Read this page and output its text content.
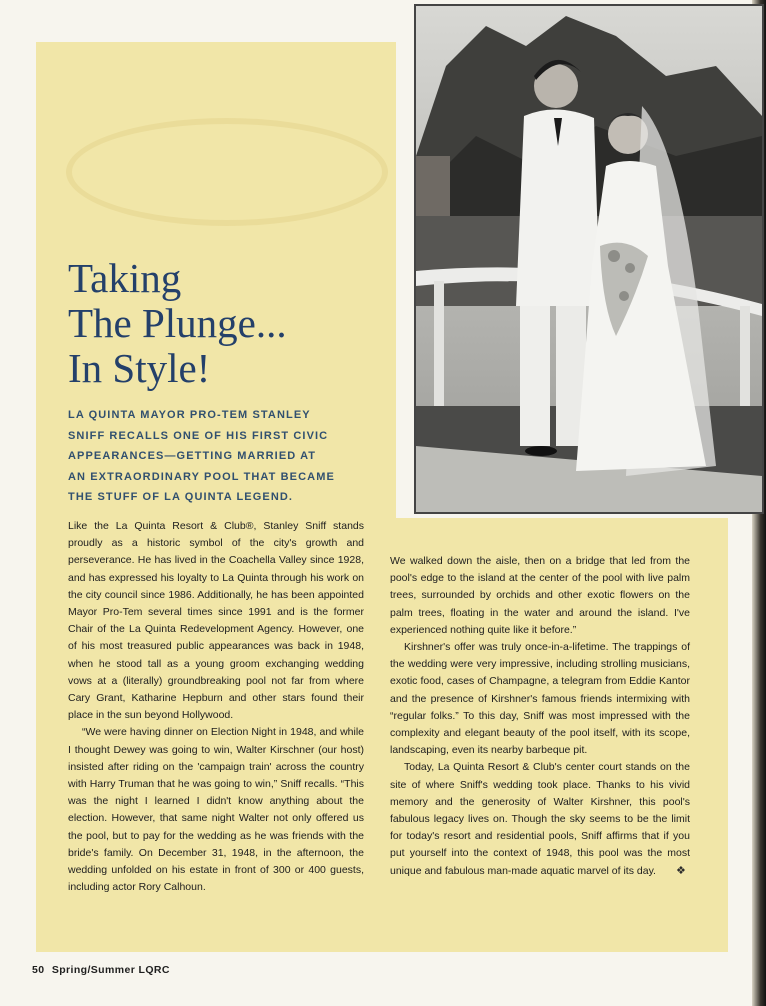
Taking
The Plunge...
In Style!
LA QUINTA MAYOR PRO-TEM STANLEY
SNIFF RECALLS ONE OF HIS FIRST CIVIC
APPEARANCES—GETTING MARRIED AT
AN EXTRAORDINARY POOL THAT BECAME
THE STUFF OF LA QUINTA LEGEND.

Like the La Quinta Resort & Club®, Stanley Sniff stands proudly as a historic symbol of the city's growth and perseverance. He has lived in the Coachella Valley since 1928, and has expressed his loyalty to La Quinta through his work on the city council since 1986. Additionally, he has been appointed Mayor Pro-Tem several times since 1991 and is the former Chair of the La Quinta Redevelopment Agency. However, one of his most treasured public appearances was back in 1948, when he stood tall as a young groom exchanging wedding vows at a (literally) groundbreaking pool not far from where Cary Grant, Katharine Hepburn and other stars found their place in the sun beyond Hollywood.

“We were having dinner on Election Night in 1948, and while I thought Dewey was going to win, Walter Kirschner (our host) insisted after riding on the 'campaign train' across the country with Harry Truman that he was going to win,” Sniff recalls. “This was the night I learned I didn't know anything about the election. However, that same night Walter not only offered us the pool, but to pay for the wedding as he was friends with the bride's family. On December 31, 1948, in the afternoon, the wedding unfolded on his estate in front of 300 or 400 guests, including actor Rory Calhoun.

We walked down the aisle, then on a bridge that led from the pool's edge to the island at the center of the pool with live palm trees, surrounded by orchids and other exotic flowers on the palm trees, floating in the water and around the island. I've experienced nothing quite like it before.”

Kirshner's offer was truly once-in-a-lifetime. The trappings of the wedding were very impressive, including strolling musicians, exotic food, cases of Champagne, a telegram from Eddie Kantor and the presence of Kirshner's famous friends intermixing with “regular folks.” To this day, Sniff was most impressed with the complexity and elegant beauty of the pool itself, with its scope, landscaping, even its nearby barbeque pit.

Today, La Quinta Resort & Club's center court stands on the site of where Sniff's wedding took place. Thanks to his vivid memory and the generosity of Walter Kirshner, this pool's fabulous legacy lives on. Though the sky seems to be the limit for today's resort and residential pools, Sniff affirms that if you put yourself into the context of 1948, this pool was the most unique and fabulous man-made aquatic marvel of its day. ❖

50 Spring/Summer LQRC
